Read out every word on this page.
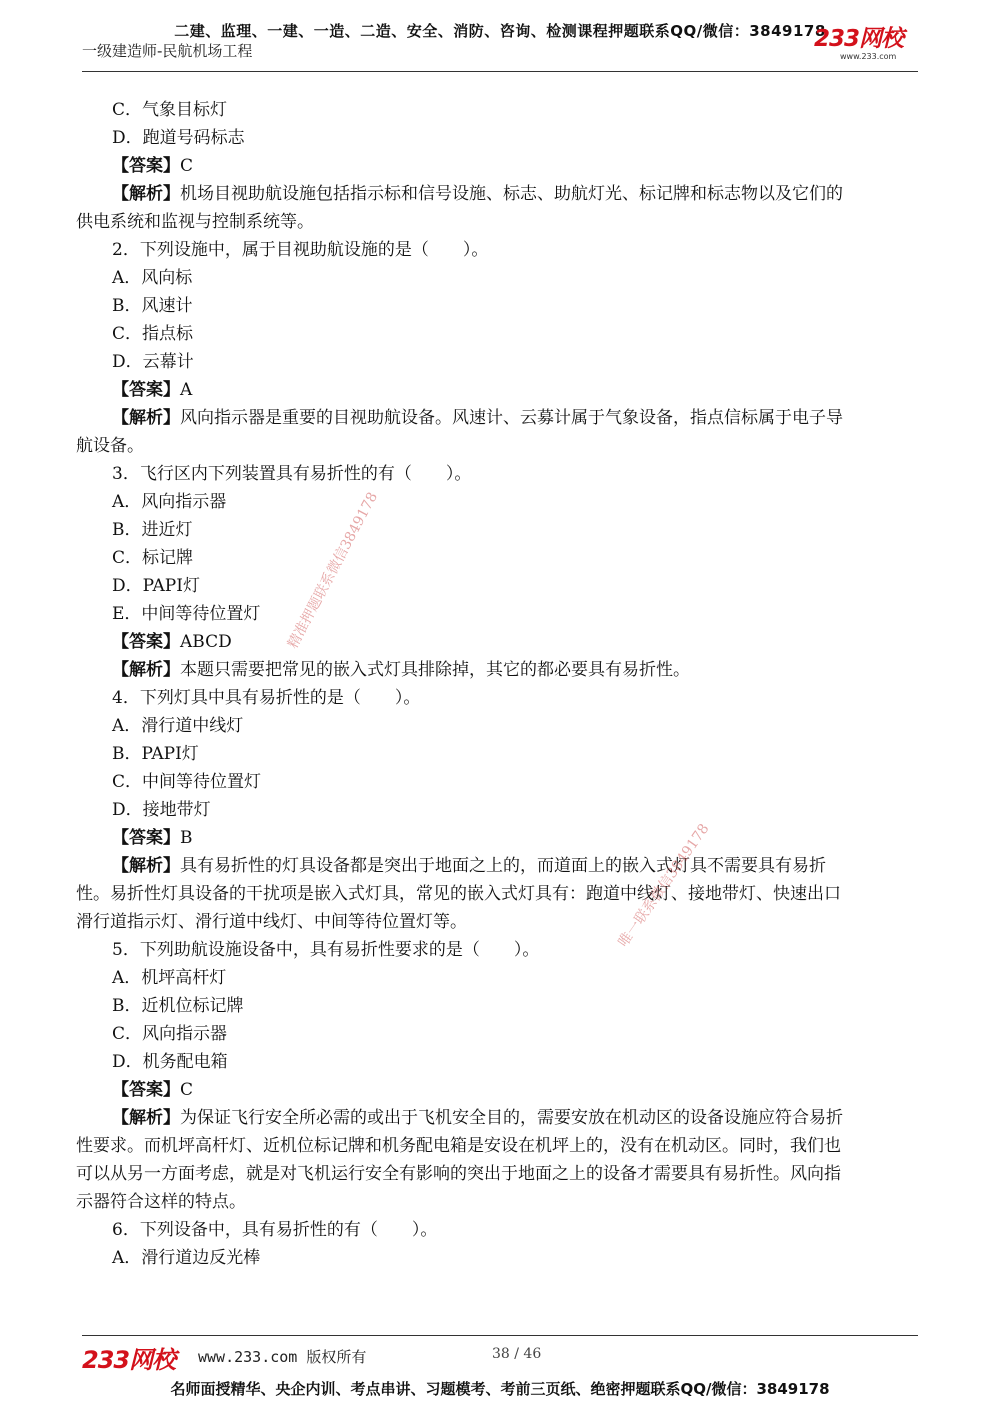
二建、监理、一建、一造、二造、安全、消防、咨询、检测课程押题联系QQ/微信：3849178
一级建造师-民航机场工程	233网校
www.233.com

C．气象目标灯

D．跑道号码标志

【答案】C

【解析】机场目视助航设施包括指示标和信号设施、标志、助航灯光、标记牌和标志物以及它们的

供电系统和监视与控制系统等。

2．下列设施中，属于目视助航设施的是（　　）。

A．风向标

B．风速计

C．指点标

D．云幕计

【答案】A

【解析】风向指示器是重要的目视助航设备。风速计、云募计属于气象设备，指点信标属于电子导

航设备。

3．飞行区内下列装置具有易折性的有（　　）。

A．风向指示器

B．进近灯

C．标记牌

D．PAPI灯

E．中间等待位置灯

【答案】ABCD

【解析】本题只需要把常见的嵌入式灯具排除掉，其它的都必要具有易折性。

4．下列灯具中具有易折性的是（　　）。

A．滑行道中线灯

B．PAPI灯

C．中间等待位置灯

D．接地带灯

【答案】B

【解析】具有易折性的灯具设备都是突出于地面之上的，而道面上的嵌入式灯具不需要具有易折

性。易折性灯具设备的干扰项是嵌入式灯具，常见的嵌入式灯具有：跑道中线灯、接地带灯、快速出口

滑行道指示灯、滑行道中线灯、中间等待位置灯等。

5．下列助航设施设备中，具有易折性要求的是（　　）。

A．机坪高杆灯

B．近机位标记牌

C．风向指示器

D．机务配电箱

【答案】C

【解析】为保证飞行安全所必需的或出于飞机安全目的，需要安放在机动区的设备设施应符合易折

性要求。而机坪高杆灯、近机位标记牌和机务配电箱是安设在机坪上的，没有在机动区。同时，我们也

可以从另一方面考虑，就是对飞机运行安全有影响的突出于地面之上的设备才需要具有易折性。风向指

示器符合这样的特点。

6．下列设备中，具有易折性的有（　　）。

A．滑行道边反光棒

精准押题联系微信3849178
唯一联系微信3849178
233网校 www.233.com 版权所有	38 / 46
名师面授精华、央企内训、考点串讲、习题模考、考前三页纸、绝密押题联系QQ/微信：3849178
